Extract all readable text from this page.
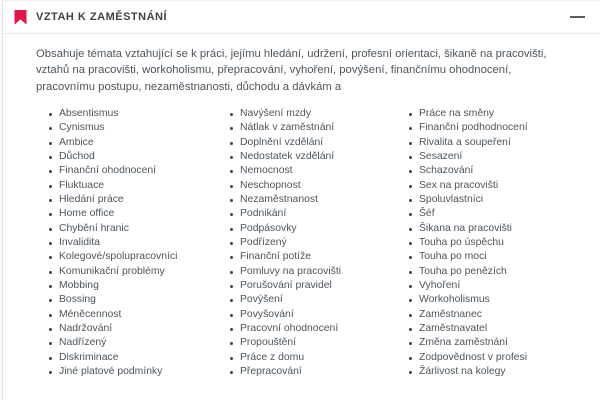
VZTAH K ZAMĚSTNÁNÍ

Obsahuje témata vztahující se k práci, jejímu hledání, udržení, profesní orientaci, šikaně na pracovišti, vztahů na pracovišti, workoholismu, přepracování, vyhoření, povýšení, finančnímu ohodnocení, pracovnímu postupu, nezaměstnanosti, důchodu a dávkám a

Absentismus
Cynismus
Ambice
Důchod
Finanční ohodnocení
Fluktuace
Hledání práce
Home office
Chybění hranic
Invalidita
Kolegové/spolupracovníci
Komunikační problémy
Mobbing
Bossing
Méněcennost
Nadržování
Nadřízený
Diskriminace
Jiné platové podmínky
Navýšení mzdy
Nátlak v zaměstnání
Doplnění vzdělání
Nedostatek vzdělání
Nemocnost
Neschopnost
Nezaměstnanost
Podnikání
Podpásovky
Podřízený
Finanční potíže
Pomluvy na pracovišti
Porušování pravidel
Povýšení
Povyšování
Pracovní ohodnocení
Propouštění
Práce z domu
Přepracování
Práce na směny
Finanční podhodnocení
Rivalita a soupeření
Sesazení
Schazování
Sex na pracovišti
Spoluvlastníci
Šéf
Šikana na pracovišti
Touha po úspěchu
Touha po moci
Touha po penězích
Vyhoření
Workoholismus
Zaměstnanec
Zaměstnavatel
Změna zaměstnání
Zodpovědnost v profesi
Žárlivost na kolegy
